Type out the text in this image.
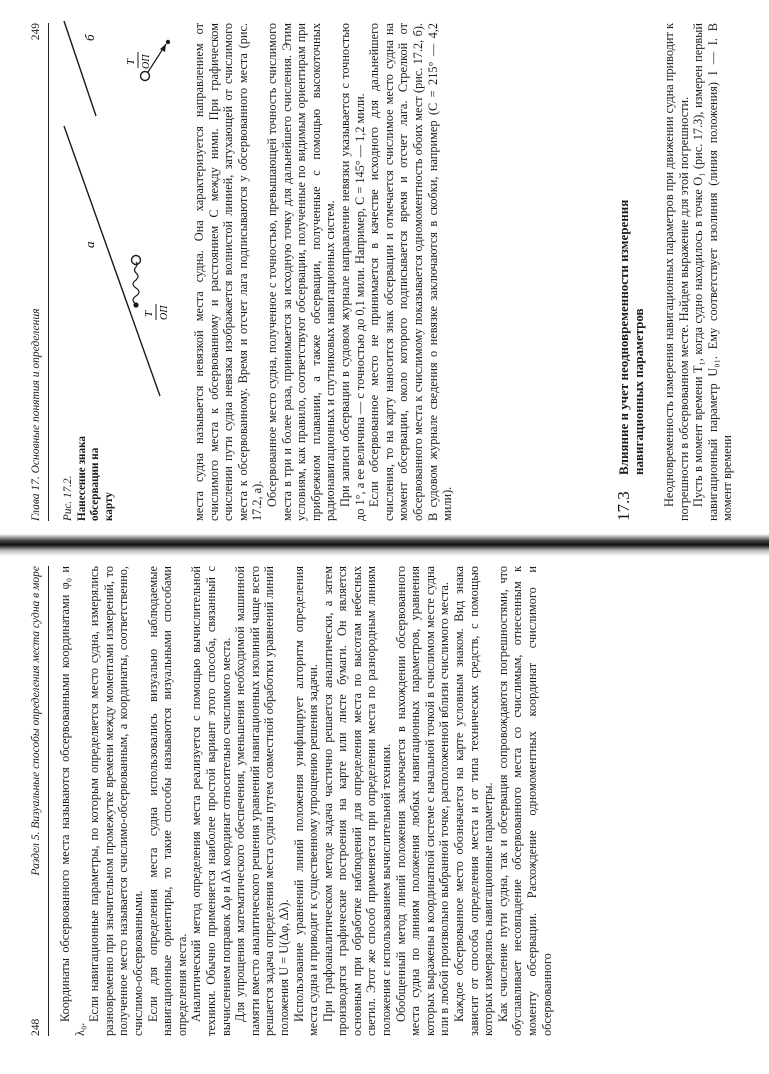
248
Раздел 5. Визуальные способы определения места судна в море Координаты обсервованного места называются обсервованными координатами φ₀ и λ₀.

Если навигационные параметры, по которым определяется место судна, измерялись разновременно при значительном промежутке времени между моментами измерений, то полученное место называется счислимо-обсервованным, а координаты, соответственно, счислимо-обсервованными. Если для определения места судна использовались визуально наблюдаемые навигационные ориентиры, то такие способы называются визуальными способами определения места. Аналитический метод определения места реализуется с помощью вычислительной техники. Обычно применяется наиболее простой вариант этого способа, связанный с вычислением поправок Δφ и Δλ координат относительно счислимого места. Для упрощения математического обеспечения, уменьшения необходимой машинной памяти вместо аналитического решения уравнений навигационных изолиний чаще всего решается задача определения места судна путем совместной обработки уравнений линий положения U = U(Δφ, Δλ). Использование уравнений линий положения унифицирует алгоритм определения места судна и приводит к существенному упрощению решения задачи. При графоаналитическом методе задача частично решается аналитически, а затем производятся графические построения на карте или листе бумаги. Он является основным при обработке наблюдений для определения места по высотам небесных светил. Этот же способ применяется при определении места по разнородным линиям положения с использованием вычислительной техники. Обобщенный метод линий положения заключается в нахождении обсервованного места судна по линиям положения любых навигационных параметров, уравнения которых выражены в координатной системе с начальной точкой в счислимом месте судна или в любой произвольно выбранной точке, расположенной вблизи счислимого места. Каждое обсервованное место обозначается на карте условным знаком. Вид знака зависит от способа определения места и от типа технических средств, с помощью которых измерялись навигационные параметры. Как счисление пути судна, так и обсервация сопровождаются погрешностями, что обуславливает несовпадение обсервованного места со счислимым, отнесенным к моменту обсервации. Расхождение одномоментных координат счислимого и обсервованного

Глава 17. Основные понятия и определения
249
Рис. 17.2. Нанесение знака обсервации на карту
а
T ОП
б
T ОП	места судна называется невязкой места судна. Она характеризуется направлением от счислимого места к обсервованному и расстоянием C между ними. При графическом счислении пути судна невязка изображается волнистой линией, затухающей от счислимого места к обсервованному. Время и отсчет лага подписываются у обсервованного места (рис. 17.2, а). Обсервованное место судна, полученное с точностью, превышающей точность счислимого места в три и более раза, принимается за исходную точку для дальнейшего счисления. Этим условиям, как правило, соответствуют обсервации, полученные по видимым ориентирам при прибрежном плавании, а также обсервации, полученные с помощью высокоточных радионавигационных и спутниковых навигационных систем. При записи обсервации в судовом журнале направление невязки указывается с точностью до 1°, а ее величина — с точностью до 0,1 мили. Например, C = 145° — 1,2 мили. Если обсервованное место не принимается в качестве исходного для дальнейшего счисления, то на карту наносится знак обсервации и отмечается счислимое место судна на момент обсервации, около которого подписывается время и отсчет лага. Стрелкой от обсервованного места к счислимому показывается одномоментность обоих мест (рис. 17.2, б). В судовом журнале сведения о невязке заключаются в скобки, например (C = 215° — 4,2 мили).	17.3
Влияние и учет неодновременности измерения навигационных параметров Неодновременность измерения навигационных параметров при движении судна приводит к погрешности в обсервованном месте. Найдем выражение для этой погрешности. Пусть в момент времени T₁, когда судно находилось в точке O₁ (рис. 17.3), измерен первый навигационный параметр U₀₁. Ему соответствует изолиния (линия положения) I — I. В момент времени
